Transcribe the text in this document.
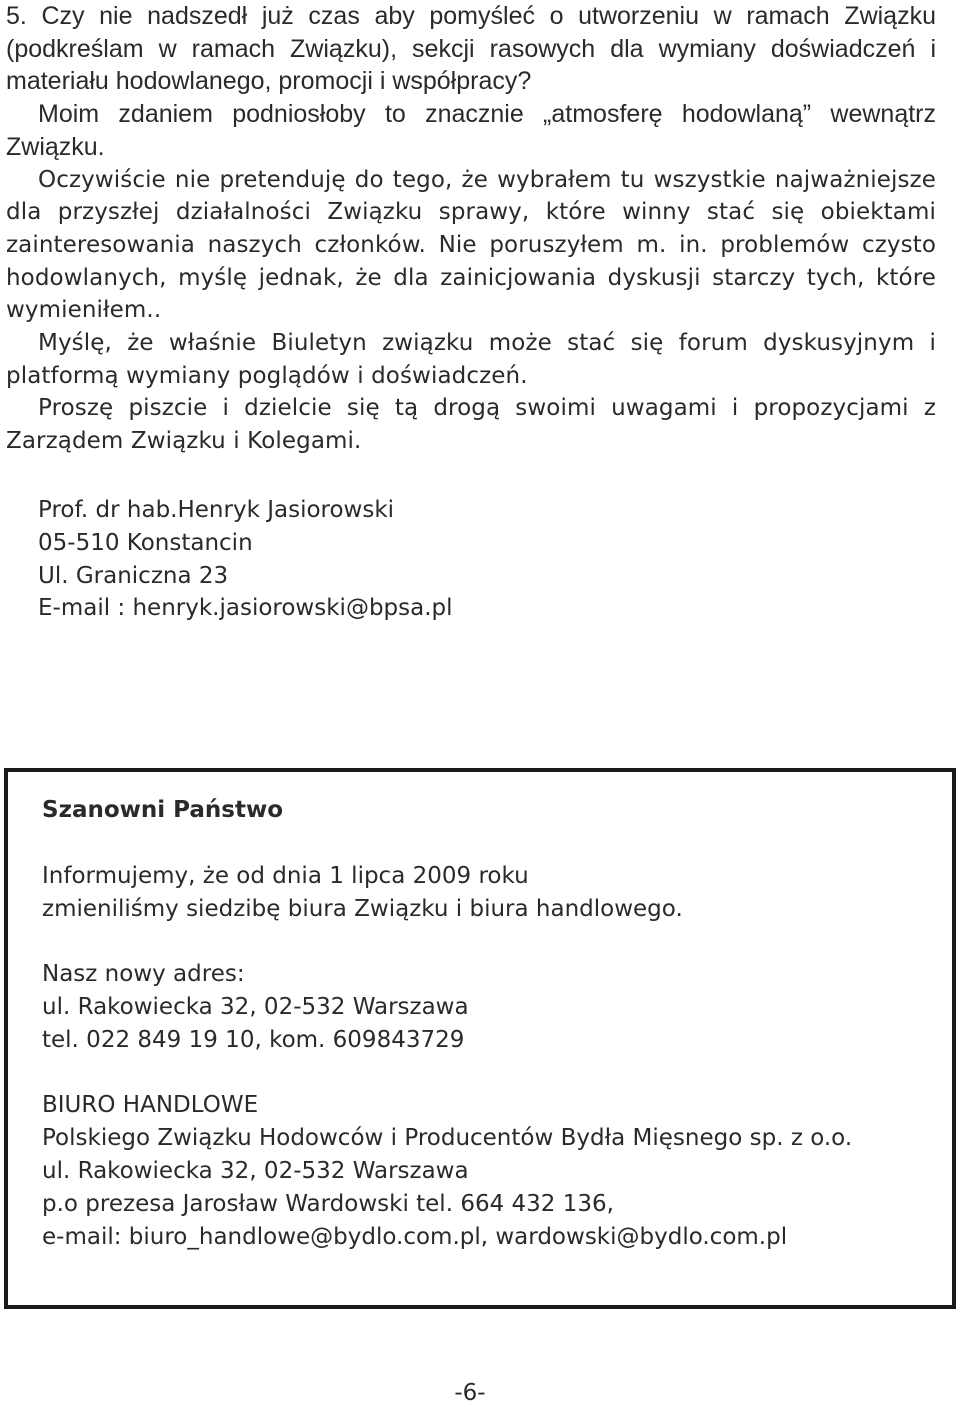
5. Czy nie nadszedł już czas aby pomyśleć o utworzeniu w ramach Związku (podkreślam w ramach Związku), sekcji rasowych dla wymiany doświadczeń i materiału hodowlanego, promocji i współpracy?

Moim zdaniem podniosłoby to znacznie „atmosferę hodowlaną” wewnątrz Związku.

Oczywiście nie pretenduję do tego, że wybrałem tu wszystkie najważniejsze dla przyszłej działalności Związku sprawy, które winny stać się obiektami zainteresowania naszych członków. Nie poruszyłem m. in. problemów czysto hodowlanych, myślę jednak, że dla zainicjowania dyskusji starczy tych, które wymieniłem..

Myślę, że właśnie Biuletyn związku może stać się forum dyskusyjnym i platformą wymiany poglądów i doświadczeń.

Proszę piszcie i dzielcie się tą drogą swoimi uwagami i propozycjami z Zarządem Związku i Kolegami.

Prof. dr hab.Henryk Jasiorowski
05-510 Konstancin
Ul. Graniczna 23
E-mail : henryk.jasiorowski@bpsa.pl
Szanowni Państwo
Informujemy, że od dnia 1 lipca 2009 roku
zmieniliśmy siedzibę biura Związku i biura handlowego.
Nasz nowy adres:
ul. Rakowiecka 32, 02-532 Warszawa
tel. 022 849 19 10, kom. 609843729
BIURO HANDLOWE
Polskiego Związku Hodowców i Producentów Bydła Mięsnego sp. z o.o.
ul. Rakowiecka 32, 02-532 Warszawa
p.o prezesa Jarosław Wardowski tel. 664 432 136,
e-mail: biuro_handlowe@bydlo.com.pl, wardowski@bydlo.com.pl
-6-
